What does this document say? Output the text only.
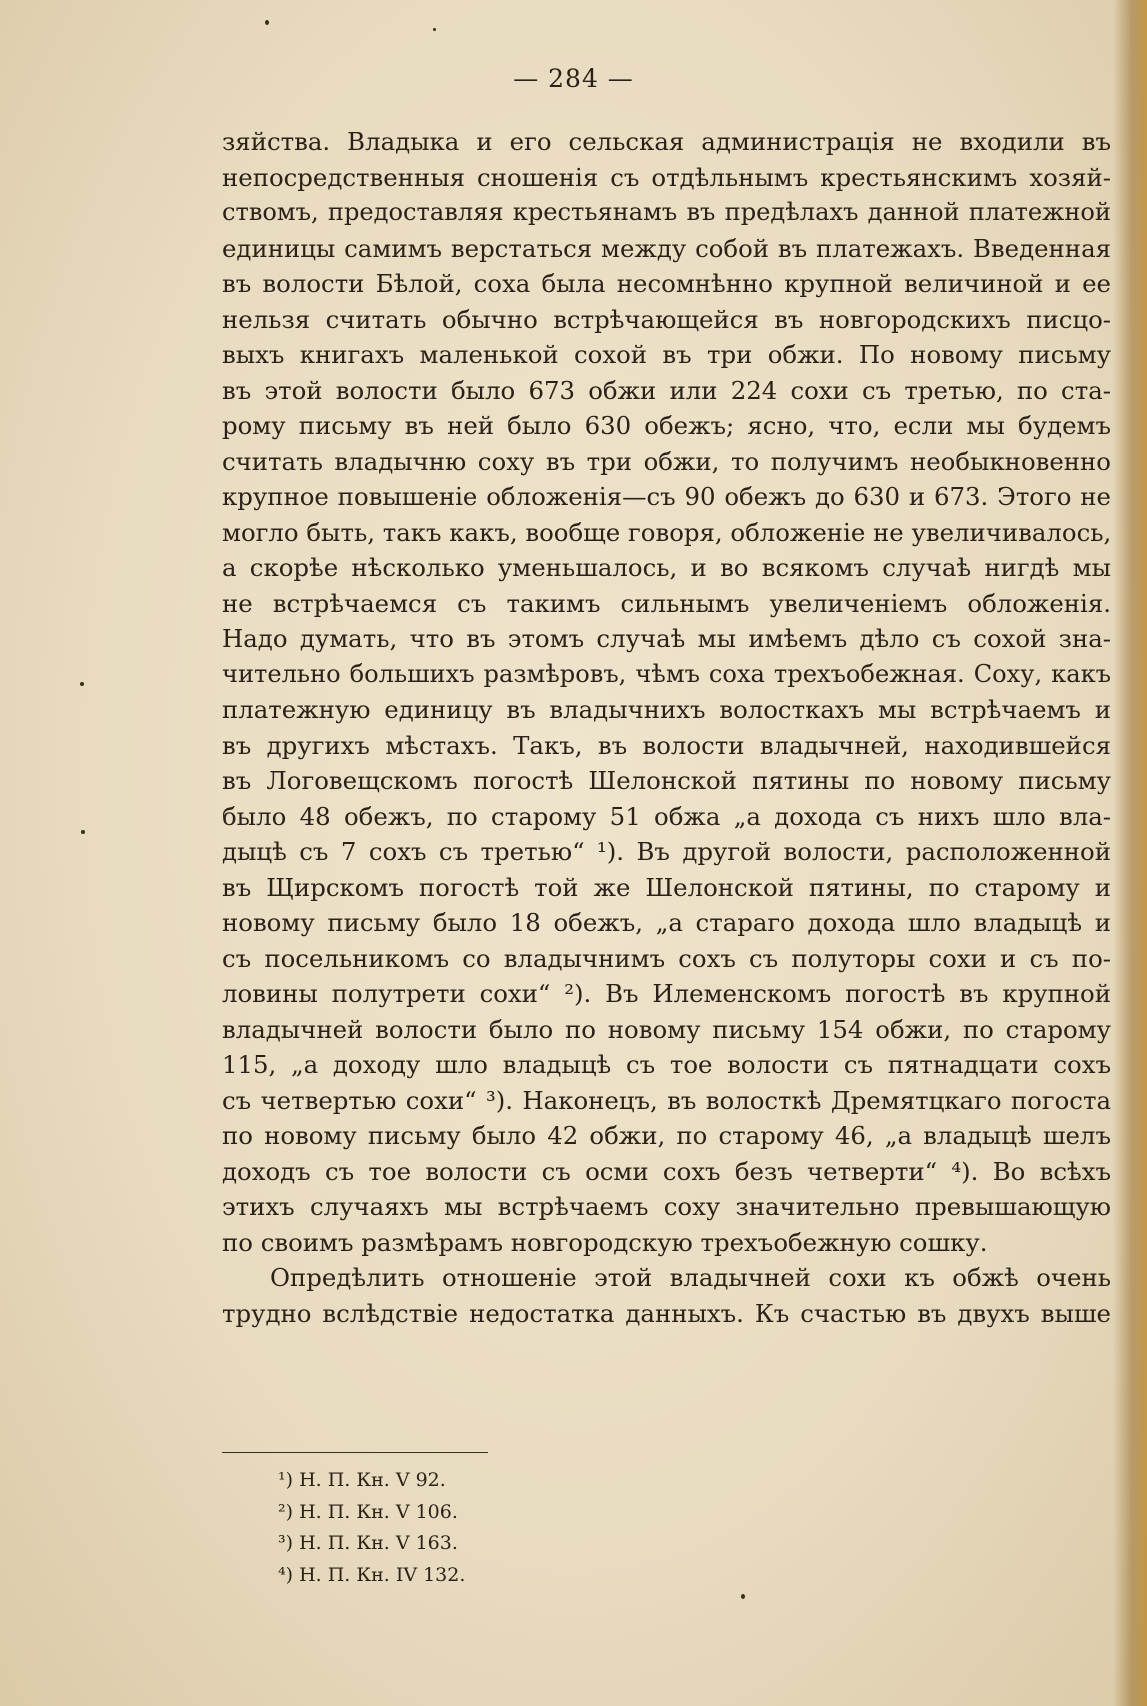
— 284 —
зяйства. Владыка и его сельская администрація не входили въ
непосредственныя сношенія съ отдѣльнымъ крестьянскимъ хозяй-
ствомъ, предоставляя крестьянамъ въ предѣлахъ данной платежной
единицы самимъ верстаться между собой въ платежахъ. Введенная
въ волости Бѣлой, соха была несомнѣнно крупной величиной и ее
нельзя считать обычно встрѣчающейся въ новгородскихъ писцо-
выхъ книгахъ маленькой сохой въ три обжи. По новому письму
въ этой волости было 673 обжи или 224 сохи съ третью, по ста-
рому письму въ ней было 630 обежъ; ясно, что, если мы будемъ
считать владычню соху въ три обжи, то получимъ необыкновенно
крупное повышеніе обложенія—съ 90 обежъ до 630 и 673. Этого не
могло быть, такъ какъ, вообще говоря, обложеніе не увеличивалось,
а скорѣе нѣсколько уменьшалось, и во всякомъ случаѣ нигдѣ мы
не встрѣчаемся съ такимъ сильнымъ увеличеніемъ обложенія.
Надо думать, что въ этомъ случаѣ мы имѣемъ дѣло съ сохой зна-
чительно большихъ размѣровъ, чѣмъ соха трехъобежная. Соху, какъ
платежную единицу въ владычнихъ волосткахъ мы встрѣчаемъ и
въ другихъ мѣстахъ. Такъ, въ волости владычней, находившейся
въ Логовещскомъ погостѣ Шелонской пятины по новому письму
было 48 обежъ, по старому 51 обжа „а дохода съ нихъ шло вла-
дыцѣ съ 7 сохъ съ третью“ ¹). Въ другой волости, расположенной
въ Щирскомъ погостѣ той же Шелонской пятины, по старому и
новому письму было 18 обежъ, „а стараго дохода шло владыцѣ и
съ посельникомъ со владычнимъ сохъ съ полуторы сохи и съ по-
ловины полутрети сохи“ ²). Въ Илеменскомъ погостѣ въ крупной
владычней волости было по новому письму 154 обжи, по старому
115, „а доходу шло владыцѣ съ тое волости съ пятнадцати сохъ
съ четвертью сохи“ ³). Наконецъ, въ волосткѣ Дремятцкаго погоста
по новому письму было 42 обжи, по старому 46, „а владыцѣ шелъ
доходъ съ тое волости съ осми сохъ безъ четверти“ ⁴). Во всѣхъ
этихъ случаяхъ мы встрѣчаемъ соху значительно превышающую
по своимъ размѣрамъ новгородскую трехъобежную сошку.
Опредѣлить отношеніе этой владычней сохи къ обжѣ очень
трудно вслѣдствіе недостатка данныхъ. Къ счастью въ двухъ выше
¹) Н. П. Кн. V 92.
²) Н. П. Кн. V 106.
³) Н. П. Кн. V 163.
⁴) Н. П. Кн. IV 132.
